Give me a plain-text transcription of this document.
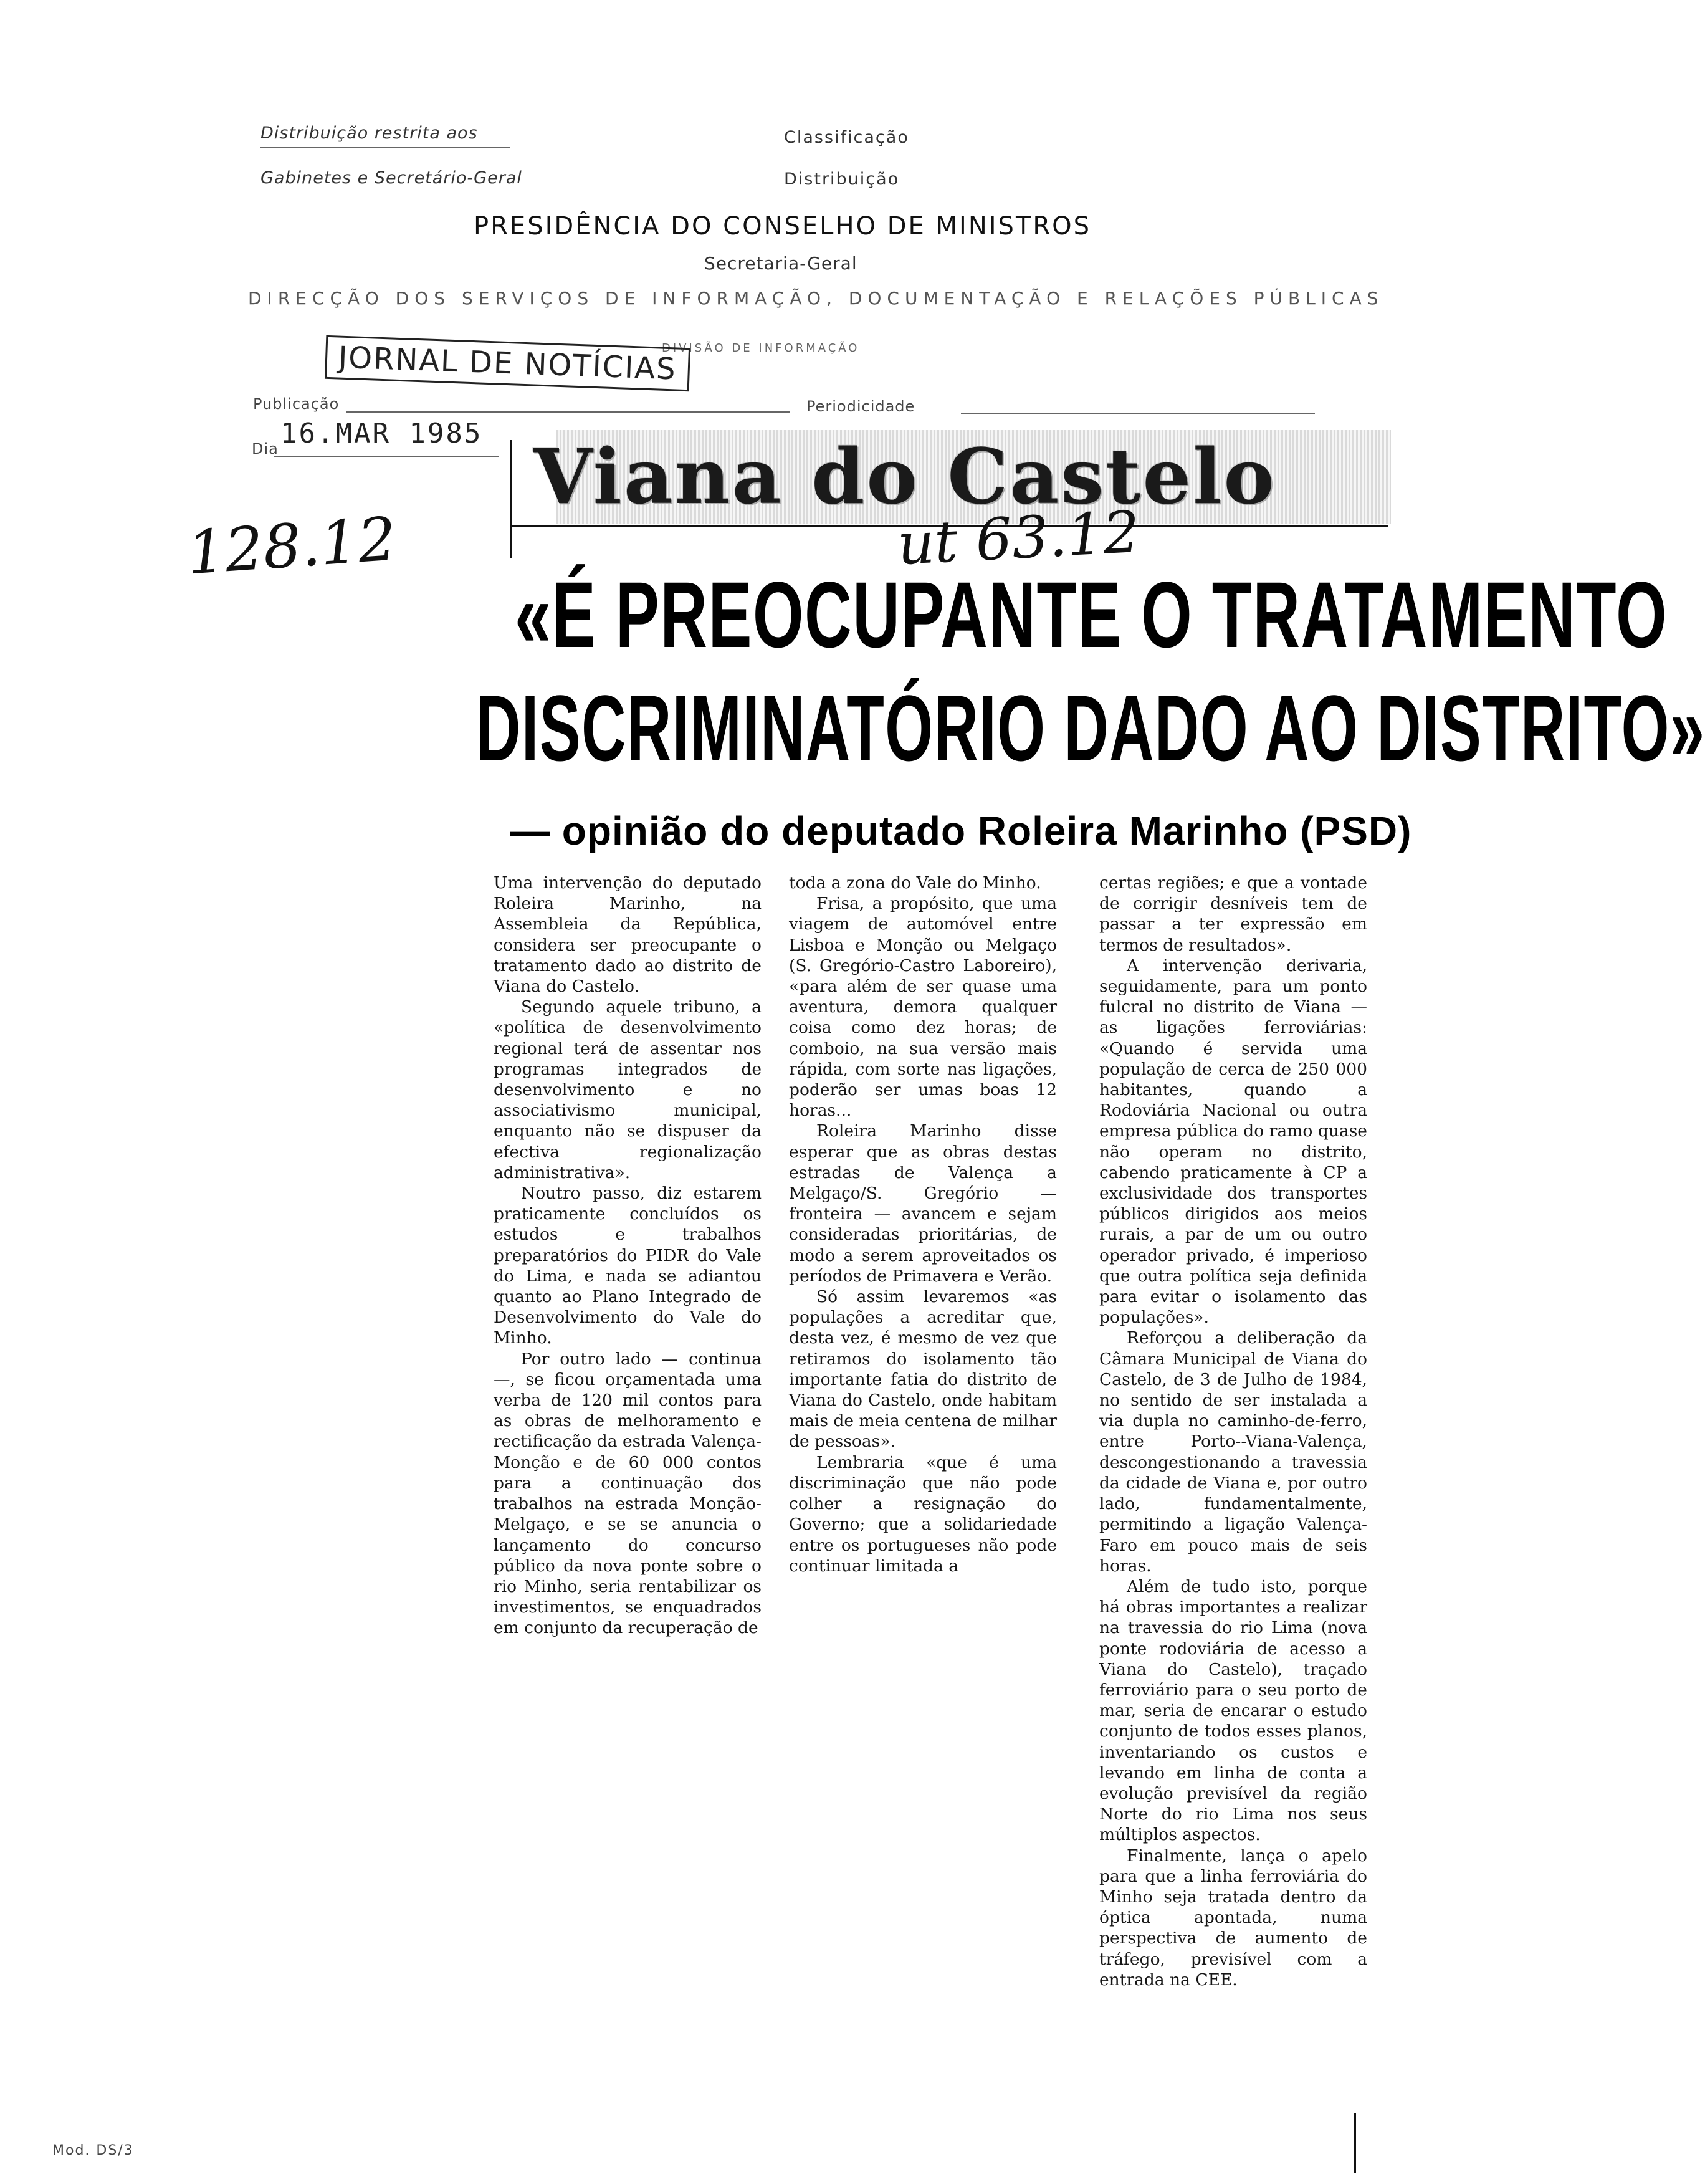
Distribuição restrita aos
Gabinetes e Secretário-Geral
Classificação
Distribuição
PRESIDÊNCIA DO CONSELHO DE MINISTROS
Secretaria-Geral
DIRECÇÃO DOS SERVIÇOS DE INFORMAÇÃO, DOCUMENTAÇÃO E RELAÇÕES PÚBLICAS
DIVISÃO DE INFORMAÇÃO
JORNAL DE NOTÍCIAS
Publicação	Periodicidade
Dia 16.MAR 1985
128.12
Viana do Castelo
ut 63.12
«É PREOCUPANTE O TRATAMENTO
DISCRIMINATÓRIO DADO AO DISTRITO»
— opinião do deputado Roleira Marinho (PSD)

Uma intervenção do deputado Roleira Marinho, na Assembleia da República, considera ser preocupante o tratamento dado ao distrito de Viana do Castelo.

Segundo aquele tribuno, a «política de desenvolvimento regional terá de assentar nos programas integrados de desenvolvimento e no associativismo municipal, enquanto não se dispuser da efectiva regionalização administrativa».

Noutro passo, diz estarem praticamente concluídos os estudos e trabalhos preparatórios do PIDR do Vale do Lima, e nada se adiantou quanto ao Plano Integrado de Desenvolvimento do Vale do Minho.

Por outro lado — continua —, se ficou orçamentada uma verba de 120 mil contos para as obras de melhoramento e rectificação da estrada Valença-Monção e de 60 000 contos para a continuação dos trabalhos na estrada Monção-Melgaço, e se se anuncia o lançamento do concurso público da nova ponte sobre o rio Minho, seria rentabilizar os investimentos, se enquadrados em conjunto da recuperação de

toda a zona do Vale do Minho.

Frisa, a propósito, que uma viagem de automóvel entre Lisboa e Monção ou Melgaço (S. Gregório-Castro Laboreiro), «para além de ser quase uma aventura, demora qualquer coisa como dez horas; de comboio, na sua versão mais rápida, com sorte nas ligações, poderão ser umas boas 12 horas...

Roleira Marinho disse esperar que as obras destas estradas de Valença a Melgaço/S. Gregório — fronteira — avancem e sejam consideradas prioritárias, de modo a serem aproveitados os períodos de Primavera e Verão.

Só assim levaremos «as populações a acreditar que, desta vez, é mesmo de vez que retiramos do isolamento tão importante fatia do distrito de Viana do Castelo, onde habitam mais de meia centena de milhar de pessoas».

Lembraria «que é uma discriminação que não pode colher a resignação do Governo; que a solidariedade entre os portugueses não pode continuar limitada a

certas regiões; e que a vontade de corrigir desníveis tem de passar a ter expressão em termos de resultados».

A intervenção derivaria, seguidamente, para um ponto fulcral no distrito de Viana — as ligações ferroviárias: «Quando é servida uma população de cerca de 250 000 habitantes, quando a Rodoviária Nacional ou outra empresa pública do ramo quase não operam no distrito, cabendo praticamente à CP a exclusividade dos transportes públicos dirigidos aos meios rurais, a par de um ou outro operador privado, é imperioso que outra política seja definida para evitar o isolamento das populações».

Reforçou a deliberação da Câmara Municipal de Viana do Castelo, de 3 de Julho de 1984, no sentido de ser instalada a via dupla no caminho-de-ferro, entre Porto--Viana-Valença, descongestionando a travessia da cidade de Viana e, por outro lado, fundamentalmente, permitindo a ligação Valença-Faro em pouco mais de seis horas.

Além de tudo isto, porque há obras importantes a realizar na travessia do rio Lima (nova ponte rodoviária de acesso a Viana do Castelo), traçado ferroviário para o seu porto de mar, seria de encarar o estudo conjunto de todos esses planos, inventariando os custos e levando em linha de conta a evolução previsível da região Norte do rio Lima nos seus múltiplos aspectos.

Finalmente, lança o apelo para que a linha ferroviária do Minho seja tratada dentro da óptica apontada, numa perspectiva de aumento de tráfego, previsível com a entrada na CEE.

Mod. DS/3
